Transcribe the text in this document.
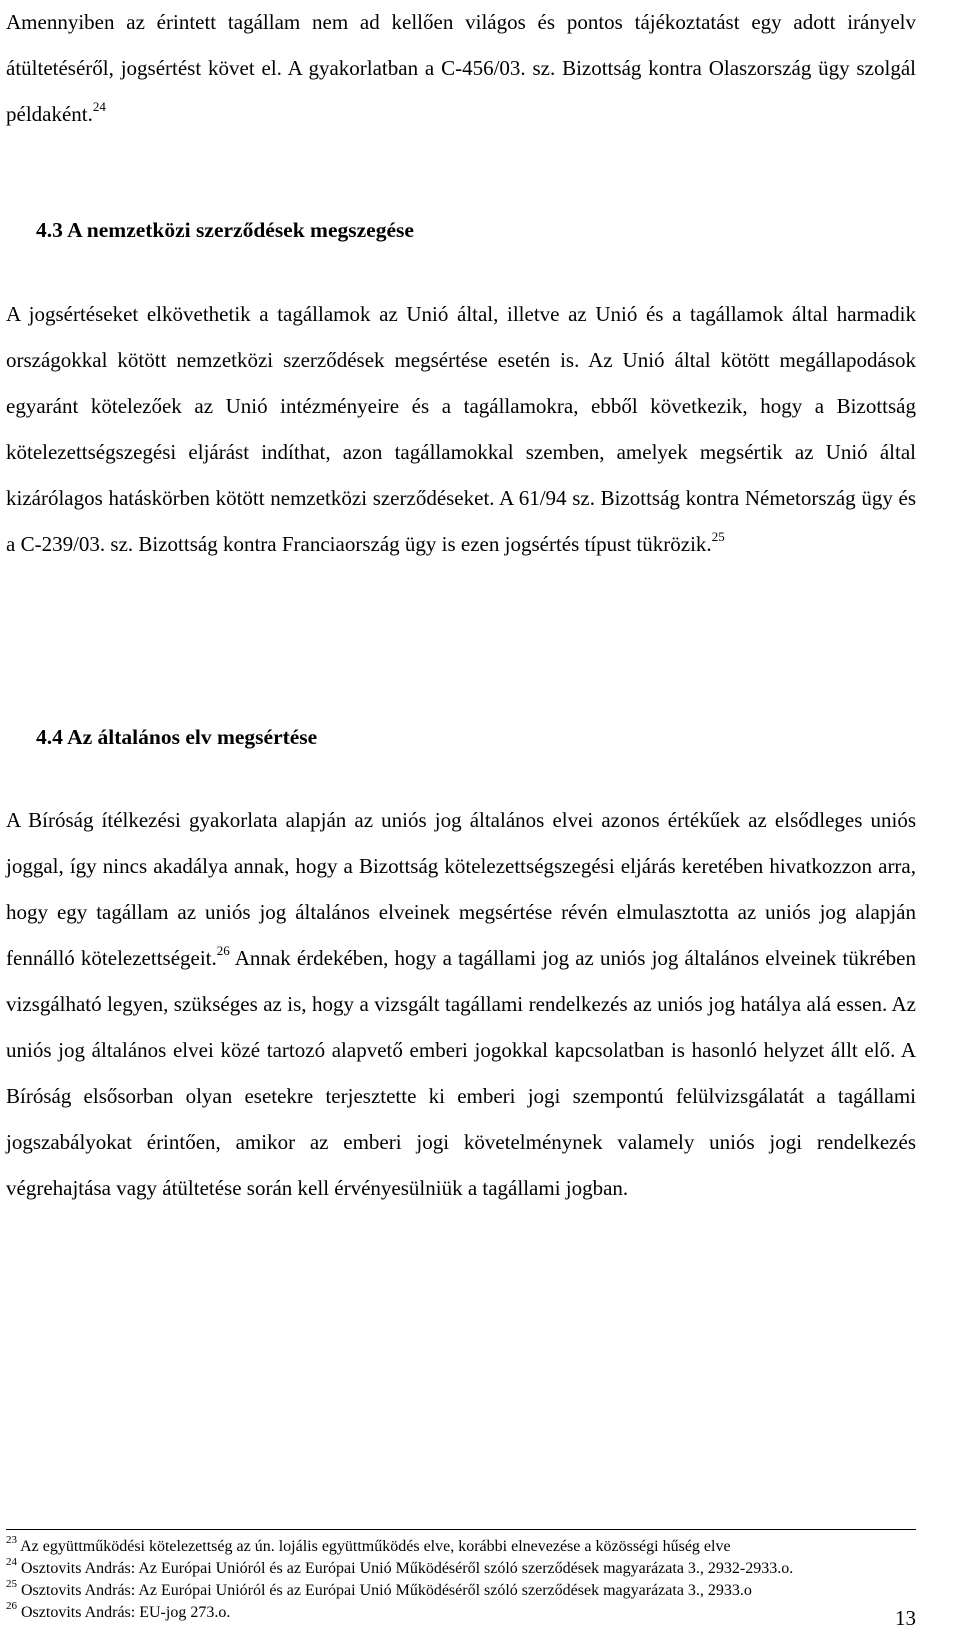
Amennyiben az érintett tagállam nem ad kellően világos és pontos tájékoztatást egy adott irányelv átültetéséről, jogsértést követ el. A gyakorlatban a C-456/03. sz. Bizottság kontra Olaszország ügy szolgál példaként.$^{24}$
4.3 A nemzetközi szerződések megszegése
A jogsértéseket elkövethetik a tagállamok az Unió által, illetve az Unió és a tagállamok által harmadik országokkal kötött nemzetközi szerződések megsértése esetén is. Az Unió által kötött megállapodások egyaránt kötelezőek az Unió intézményeire és a tagállamokra, ebből következik, hogy a Bizottság kötelezettségszegési eljárást indíthat, azon tagállamokkal szemben, amelyek megsértik az Unió által kizárólagos hatáskörben kötött nemzetközi szerződéseket. A 61/94 sz. Bizottság kontra Németország ügy és a C-239/03. sz. Bizottság kontra Franciaország ügy is ezen jogsértés típust tükrözik.$^{25}$
4.4 Az általános elv megsértése
A Bíróság ítélkezési gyakorlata alapján az uniós jog általános elvei azonos értékűek az elsődleges uniós joggal, így nincs akadálya annak, hogy a Bizottság kötelezettségszegési eljárás keretében hivatkozzon arra, hogy egy tagállam az uniós jog általános elveinek megsértése révén elmulasztotta az uniós jog alapján fennálló kötelezettségeit.$^{26}$ Annak érdekében, hogy a tagállami jog az uniós jog általános elveinek tükrében vizsgálható legyen, szükséges az is, hogy a vizsgált tagállami rendelkezés az uniós jog hatálya alá essen. Az uniós jog általános elvei közé tartozó alapvető emberi jogokkal kapcsolatban is hasonló helyzet állt elő. A Bíróság elsősorban olyan esetekre terjesztette ki emberi jogi szempontú felülvizsgálatát a tagállami jogszabályokat érintően, amikor az emberi jogi követelménynek valamely uniós jogi rendelkezés végrehajtása vagy átültetése során kell érvényesülniük a tagállami jogban.

$^{23}$ Az együttműködési kötelezettség az ún. lojális együttműködés elve, korábbi elnevezése a közösségi hűség elve

$^{24}$ Osztovits András: Az Európai Unióról és az Európai Unió Működéséről szóló szerződések magyarázata 3., 2932-2933.o.

$^{25}$ Osztovits András: Az Európai Unióról és az Európai Unió Működéséről szóló szerződések magyarázata 3., 2933.o

$^{26}$ Osztovits András: EU-jog 273.o.	13
